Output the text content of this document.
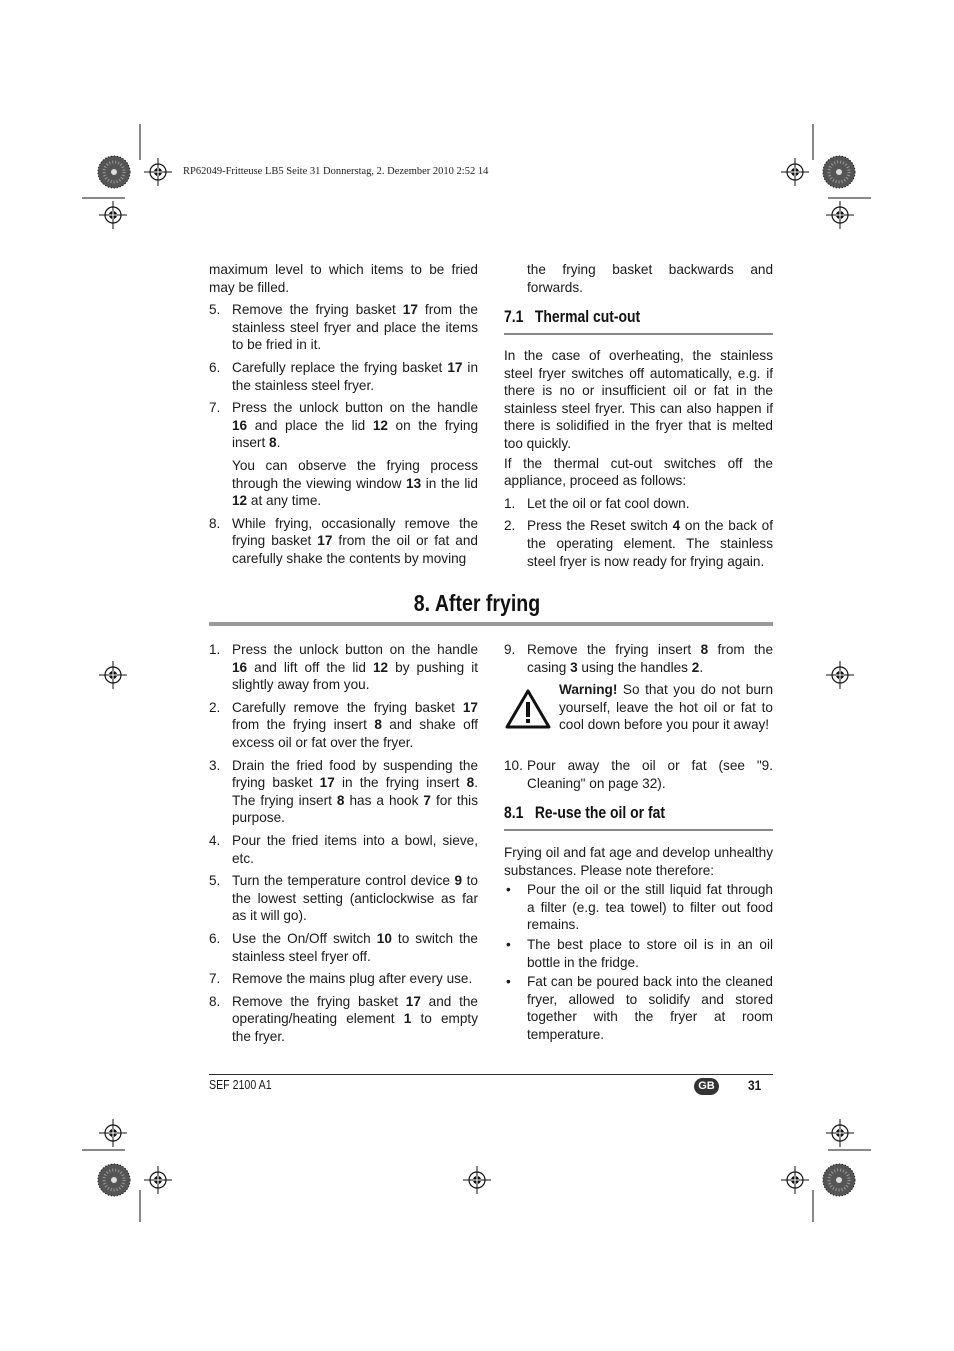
RP62049-Fritteuse LB5 Seite 31 Donnerstag, 2. Dezember 2010 2:52 14

maximum level to which items to be fried may be filled.

5. Remove the frying basket 17 from the stainless steel fryer and place the items to be fried in it.
6. Carefully replace the frying basket 17 in the stainless steel fryer.
7. Press the unlock button on the handle 16 and place the lid 12 on the frying insert 8.

You can observe the frying process through the viewing window 13 in the lid 12 at any time.

8. While frying, occasionally remove the frying basket 17 from the oil or fat and carefully shake the contents by moving

the frying basket backwards and forwards.

7.1 Thermal cut-out

In the case of overheating, the stainless steel fryer switches off automatically, e.g. if there is no or insufficient oil or fat in the stainless steel fryer. This can also happen if there is solidified in the fryer that is melted too quickly.

If the thermal cut-out switches off the appliance, proceed as follows:

1. Let the oil or fat cool down.
2. Press the Reset switch 4 on the back of the operating element. The stainless steel fryer is now ready for frying again.
8. After frying
1. Press the unlock button on the handle 16 and lift off the lid 12 by pushing it slightly away from you.
2. Carefully remove the frying basket 17 from the frying insert 8 and shake off excess oil or fat over the fryer.
3. Drain the fried food by suspending the frying basket 17 in the frying insert 8. The frying insert 8 has a hook 7 for this purpose.
4. Pour the fried items into a bowl, sieve, etc.
5. Turn the temperature control device 9 to the lowest setting (anticlockwise as far as it will go).
6. Use the On/Off switch 10 to switch the stainless steel fryer off.
7. Remove the mains plug after every use.
8. Remove the frying basket 17 and the operating/heating element 1 to empty the fryer.
9. Remove the frying insert 8 from the casing 3 using the handles 2.
Warning! So that you do not burn yourself, leave the hot oil or fat to cool down before you pour it away!
10. Pour away the oil or fat (see "9. Cleaning" on page 32).
8.1 Re-use the oil or fat

Frying oil and fat age and develop unhealthy substances. Please note therefore:

• Pour the oil or the still liquid fat through a filter (e.g. tea towel) to filter out food remains.
• The best place to store oil is in an oil bottle in the fridge.
• Fat can be poured back into the cleaned fryer, allowed to solidify and stored together with the fryer at room temperature.
SEF 2100 A1	GB	31
